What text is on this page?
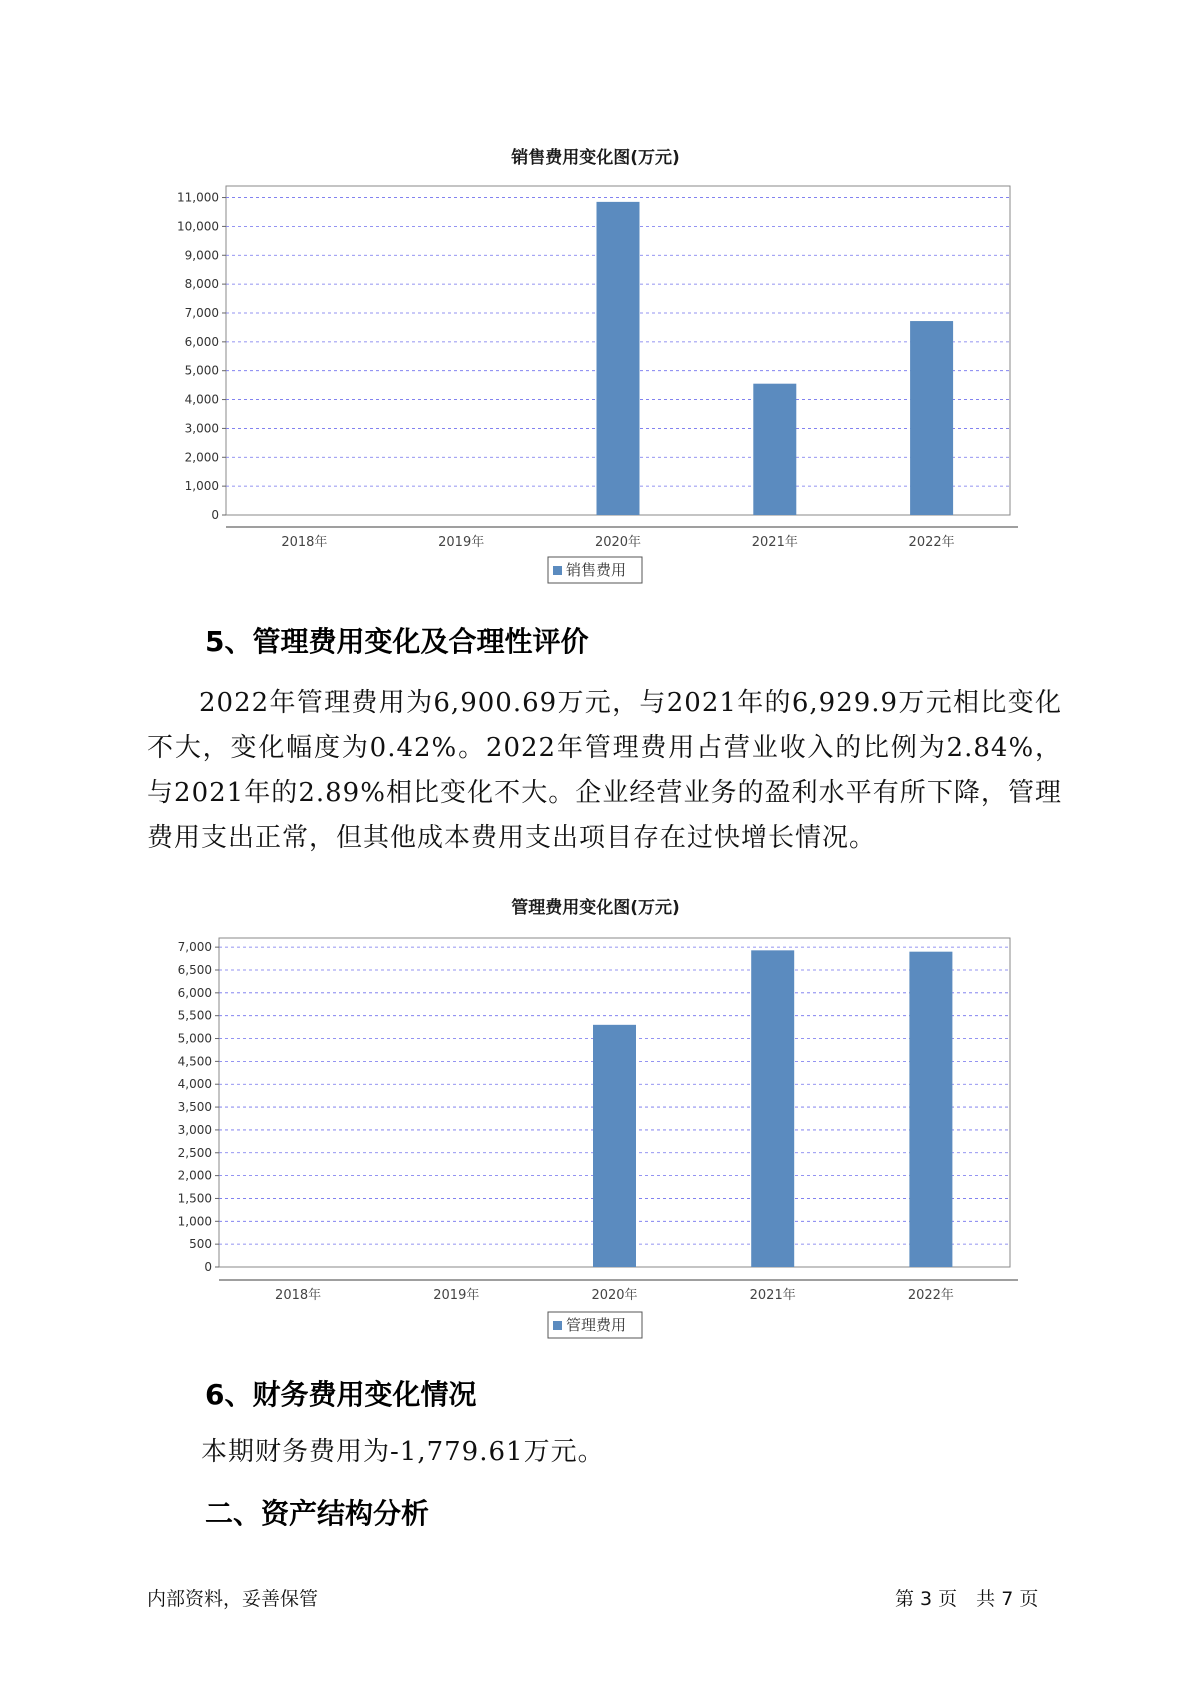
销售费用变化图(万元)
0
1,000
2,000
3,000
4,000
5,000
6,000
7,000
8,000
9,000
10,000
11,000
2018年	2019年	2020年	2021年	2022年
销售费用
5、管理费用变化及合理性评价
2022年管理费用为6,900.69万元，与2021年的6,929.9万元相比变化不大，变化幅度为0.42%。2022年管理费用占营业收入的比例为2.84%，与2021年的2.89%相比变化不大。企业经营业务的盈利水平有所下降，管理费用支出正常，但其他成本费用支出项目存在过快增长情况。
管理费用变化图(万元)
0
500
1,000
1,500
2,000
2,500
3,000
3,500
4,000
4,500
5,000
5,500
6,000
6,500
7,000
2018年	2019年	2020年	2021年	2022年
管理费用
6、财务费用变化情况
本期财务费用为-1,779.61万元。
二、资产结构分析
内部资料，妥善保管	第 3 页　共 7 页
